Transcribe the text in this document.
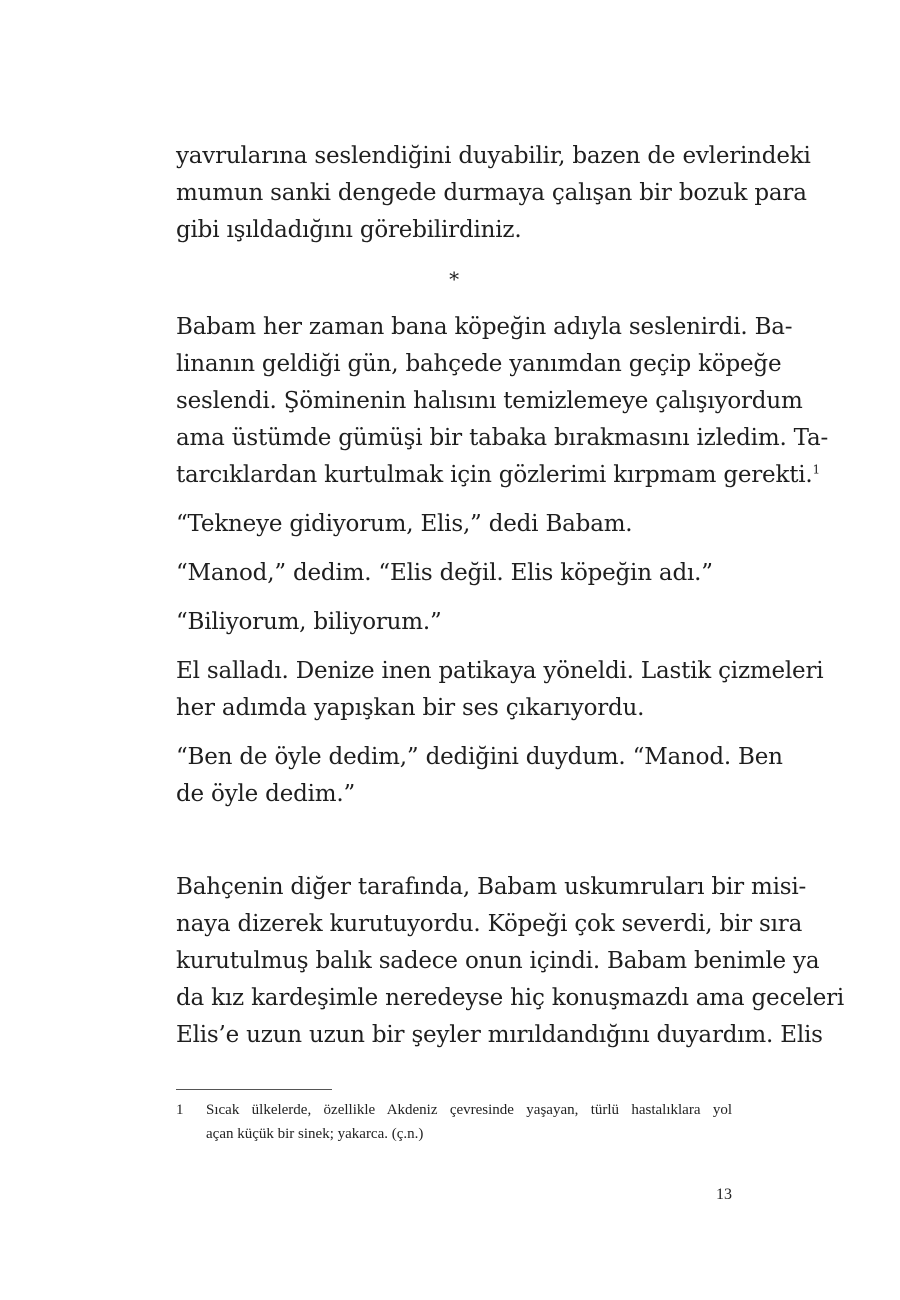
yavrularına seslendiğini duyabilir, bazen de evlerindeki
mumun sanki dengede durmaya çalışan bir bozuk para
gibi ışıldadığını görebilirdiniz.
*
Babam her zaman bana köpeğin adıyla seslenirdi. Ba-
linanın geldiği gün, bahçede yanımdan geçip köpeğe
seslendi. Şöminenin halısını temizlemeye çalışıyordum
ama üstümde gümüşi bir tabaka bırakmasını izledim. Ta-
tarcıklardan kurtulmak için gözlerimi kırpmam gerekti.$^1$
“Tekneye gidiyorum, Elis,” dedi Babam.
“Manod,” dedim. “Elis değil. Elis köpeğin adı.”
“Biliyorum, biliyorum.”
El salladı. Denize inen patikaya yöneldi. Lastik çizmeleri
her adımda yapışkan bir ses çıkarıyordu.
“Ben de öyle dedim,” dediğini duydum. “Manod. Ben
de öyle dedim.”
Bahçenin diğer tarafında, Babam uskumruları bir misi-
naya dizerek kurutuyordu. Köpeği çok severdi, bir sıra
kurutulmuş balık sadece onun içindi. Babam benimle ya
da kız kardeşimle neredeyse hiç konuşmazdı ama geceleri
Elis’e uzun uzun bir şeyler mırıldandığını duyardım. Elis
1 Sıcak ülkelerde, özellikle Akdeniz çevresinde yaşayan, türlü hastalıklara yol
açan küçük bir sinek; yakarca. (ç.n.)
13
